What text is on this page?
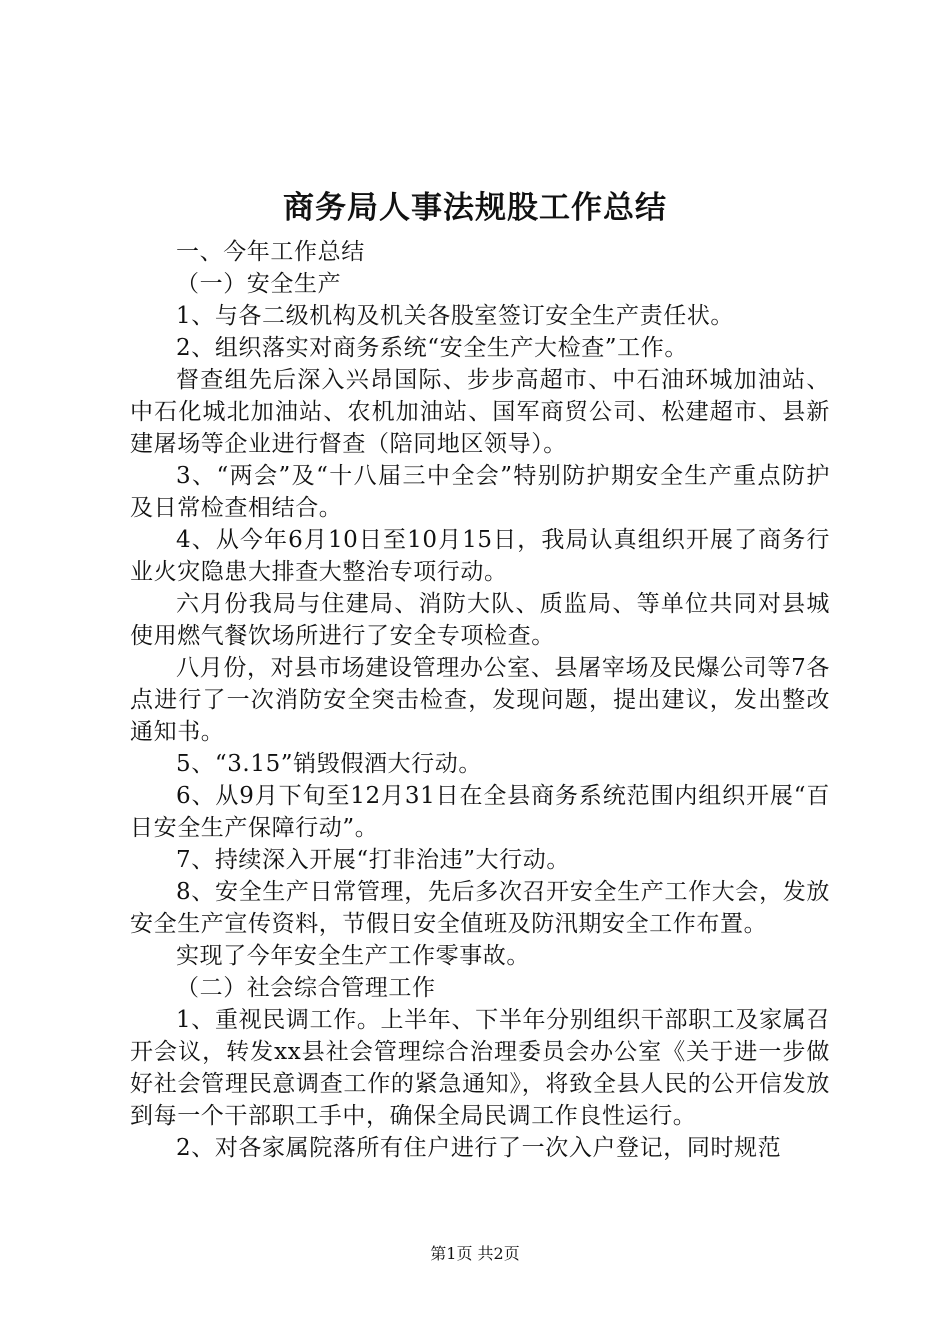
商务局人事法规股工作总结

一、今年工作总结

（一）安全生产

1、与各二级机构及机关各股室签订安全生产责任状。

2、组织落实对商务系统“安全生产大检查”工作。

督查组先后深入兴昂国际、步步高超市、中石油环城加油站、中石化城北加油站、农机加油站、国军商贸公司、松建超市、县新建屠场等企业进行督查（陪同地区领导）。

3、“两会”及“十八届三中全会”特别防护期安全生产重点防护及日常检查相结合。

4、从今年6月10日至10月15日，我局认真组织开展了商务行业火灾隐患大排查大整治专项行动。

六月份我局与住建局、消防大队、质监局、等单位共同对县城使用燃气餐饮场所进行了安全专项检查。

八月份，对县市场建设管理办公室、县屠宰场及民爆公司等7各点进行了一次消防安全突击检查，发现问题，提出建议，发出整改通知书。

5、“3.15”销毁假酒大行动。

6、从9月下旬至12月31日在全县商务系统范围内组织开展“百日安全生产保障行动”。

7、持续深入开展“打非治违”大行动。

8、安全生产日常管理，先后多次召开安全生产工作大会，发放安全生产宣传资料，节假日安全值班及防汛期安全工作布置。

实现了今年安全生产工作零事故。

（二）社会综合管理工作

1、重视民调工作。上半年、下半年分别组织干部职工及家属召开会议，转发xx县社会管理综合治理委员会办公室《关于进一步做好社会管理民意调查工作的紧急通知》，将致全县人民的公开信发放到每一个干部职工手中，确保全局民调工作良性运行。

2、对各家属院落所有住户进行了一次入户登记，同时规范

第1页 共2页
